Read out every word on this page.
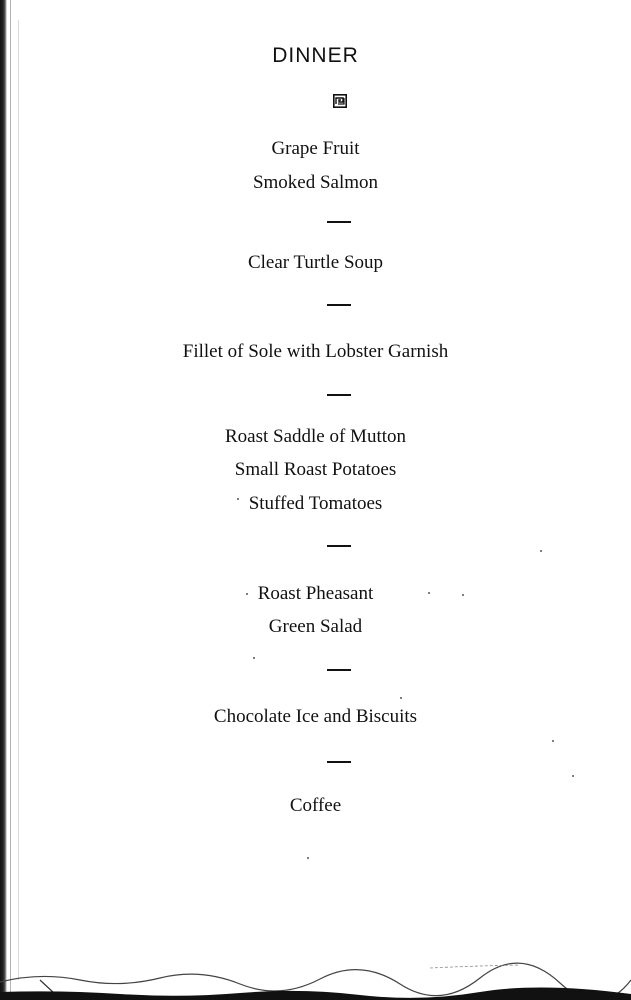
DINNER
Grape Fruit
Smoked Salmon
Clear Turtle Soup
Fillet of Sole with Lobster Garnish
Roast Saddle of Mutton
Small Roast Potatoes
Stuffed Tomatoes
Roast Pheasant
Green Salad
Chocolate Ice and Biscuits
Coffee
